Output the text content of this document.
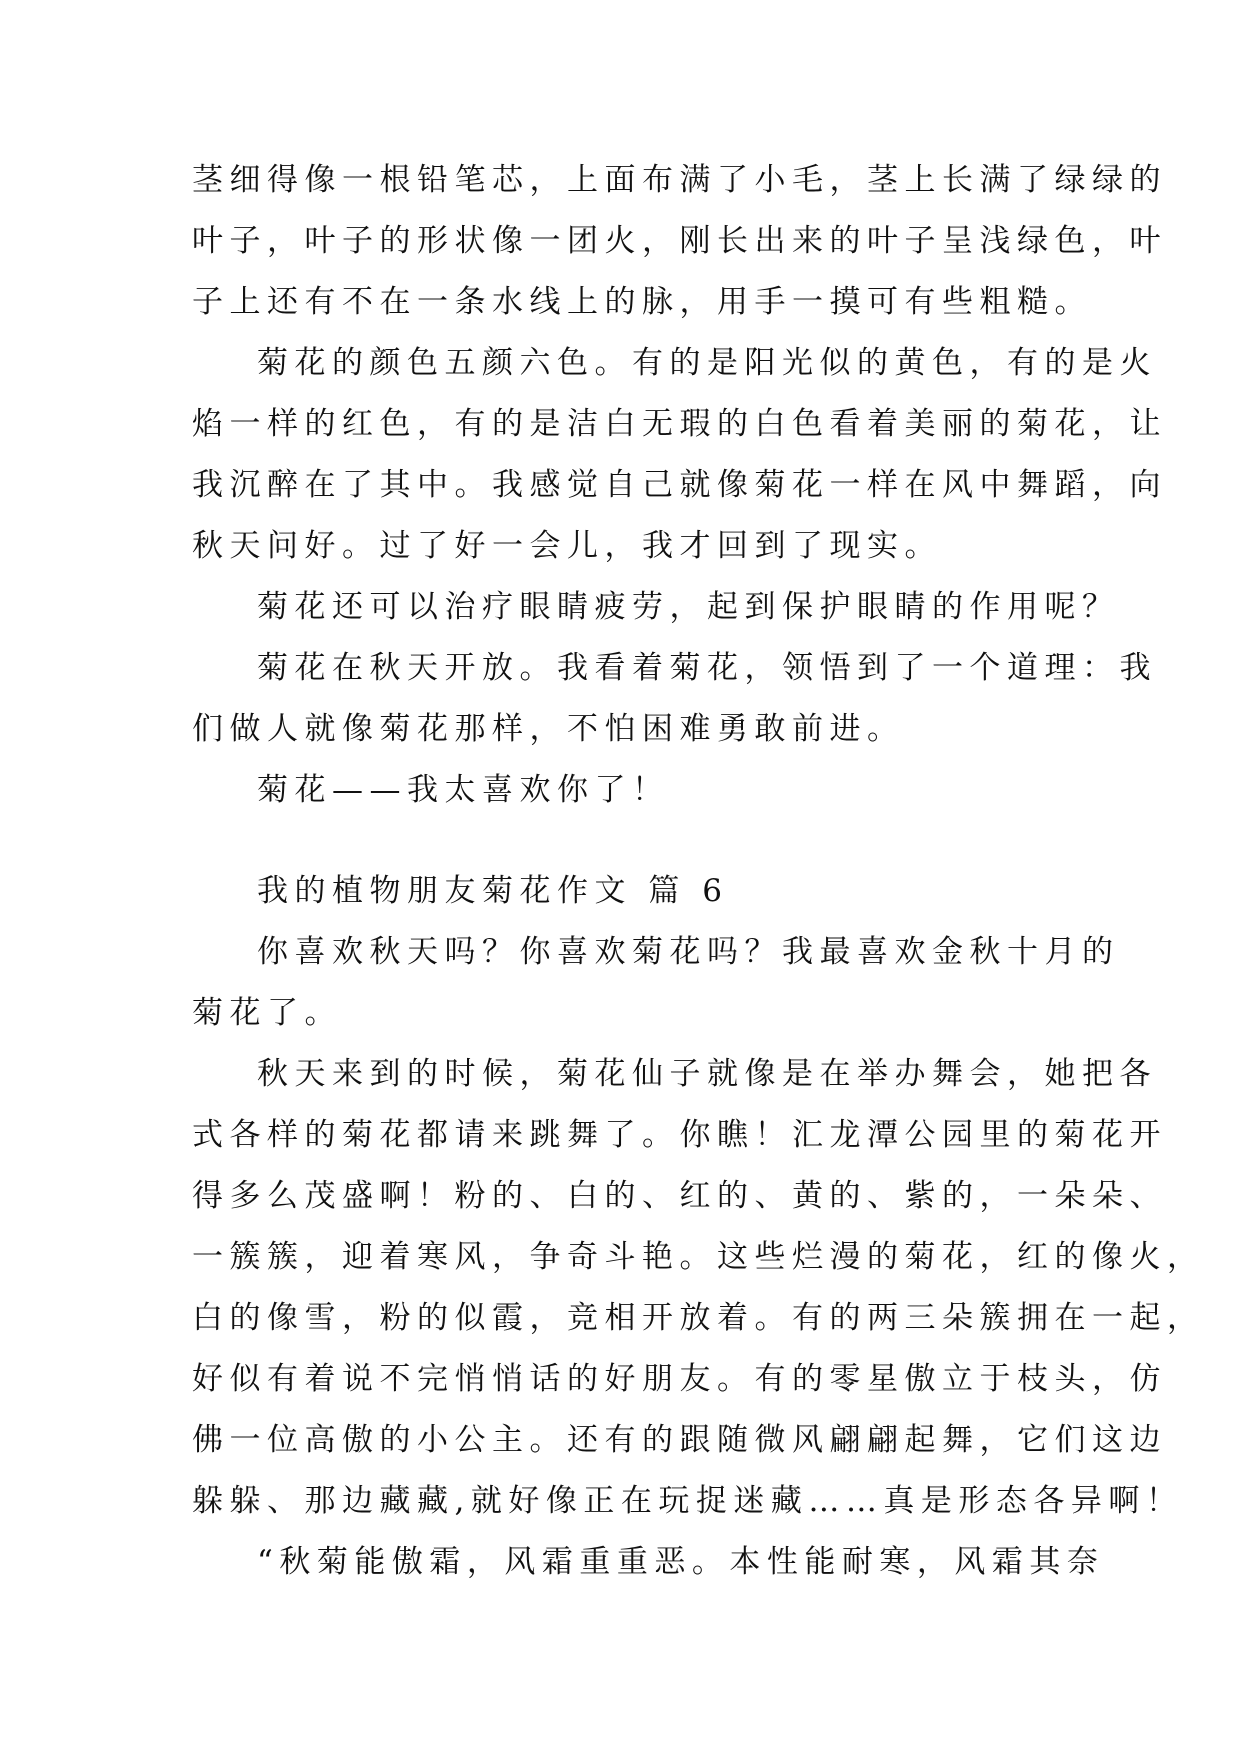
茎细得像一根铅笔芯，上面布满了小毛，茎上长满了绿绿的
叶子，叶子的形状像一团火，刚长出来的叶子呈浅绿色，叶
子上还有不在一条水线上的脉，用手一摸可有些粗糙。
菊花的颜色五颜六色。有的是阳光似的黄色，有的是火
焰一样的红色，有的是洁白无瑕的白色看着美丽的菊花，让
我沉醉在了其中。我感觉自己就像菊花一样在风中舞蹈，向
秋天问好。过了好一会儿，我才回到了现实。
菊花还可以治疗眼睛疲劳，起到保护眼睛的作用呢？
菊花在秋天开放。我看着菊花，领悟到了一个道理：我
们做人就像菊花那样，不怕困难勇敢前进。
菊花——我太喜欢你了！
我的植物朋友菊花作文 篇 6
你喜欢秋天吗？你喜欢菊花吗？我最喜欢金秋十月的
菊花了。
秋天来到的时候，菊花仙子就像是在举办舞会，她把各
式各样的菊花都请来跳舞了。你瞧！汇龙潭公园里的菊花开
得多么茂盛啊！粉的、白的、红的、黄的、紫的，一朵朵、
一簇簇，迎着寒风，争奇斗艳。这些烂漫的菊花，红的像火，
白的像雪，粉的似霞，竞相开放着。有的两三朵簇拥在一起，
好似有着说不完悄悄话的好朋友。有的零星傲立于枝头，仿
佛一位高傲的小公主。还有的跟随微风翩翩起舞，它们这边
躲躲、那边藏藏,就好像正在玩捉迷藏……真是形态各异啊！
“秋菊能傲霜，风霜重重恶。本性能耐寒，风霜其奈
